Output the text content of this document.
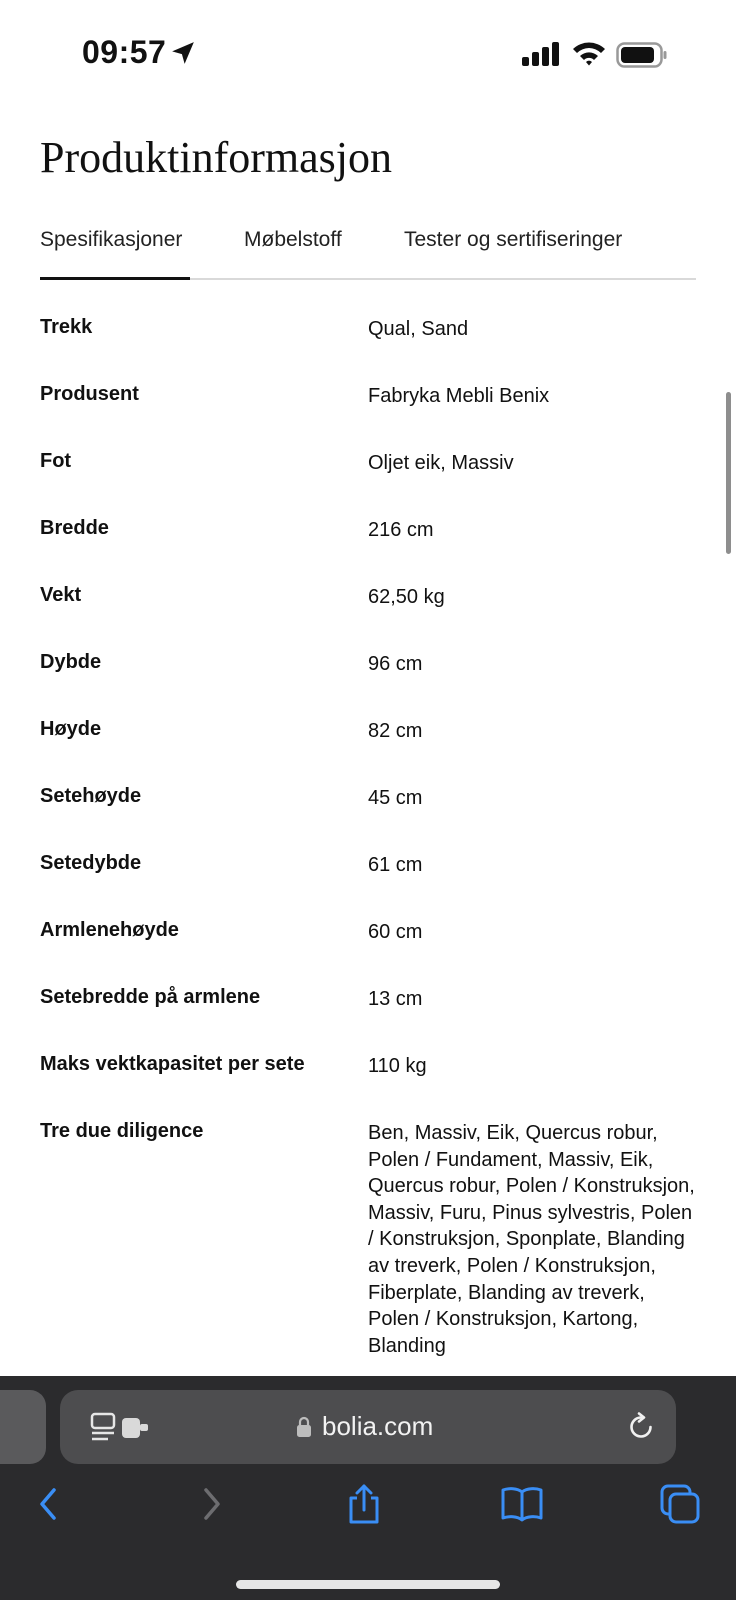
09:57
Produktinformasjon
Spesifikasjoner	Møbelstoff	Tester og sertifiseringer
Trekk	Qual, Sand
Produsent	Fabryka Mebli Benix
Fot	Oljet eik, Massiv
Bredde	216 cm
Vekt	62,50 kg
Dybde	96 cm
Høyde	82 cm
Setehøyde	45 cm
Setedybde	61 cm
Armlenehøyde	60 cm
Setebredde på armlene	13 cm
Maks vektkapasitet per sete	110 kg
Tre due diligence	Ben, Massiv, Eik, Quercus robur, Polen / Fundament, Massiv, Eik, Quercus robur, Polen / Konstruksjon, Massiv, Furu, Pinus sylvestris, Polen / Konstruksjon, Sponplate, Blanding av treverk, Polen / Konstruksjon, Fiberplate, Blanding av treverk, Polen / Konstruksjon, Kartong, Blanding
bolia.com
